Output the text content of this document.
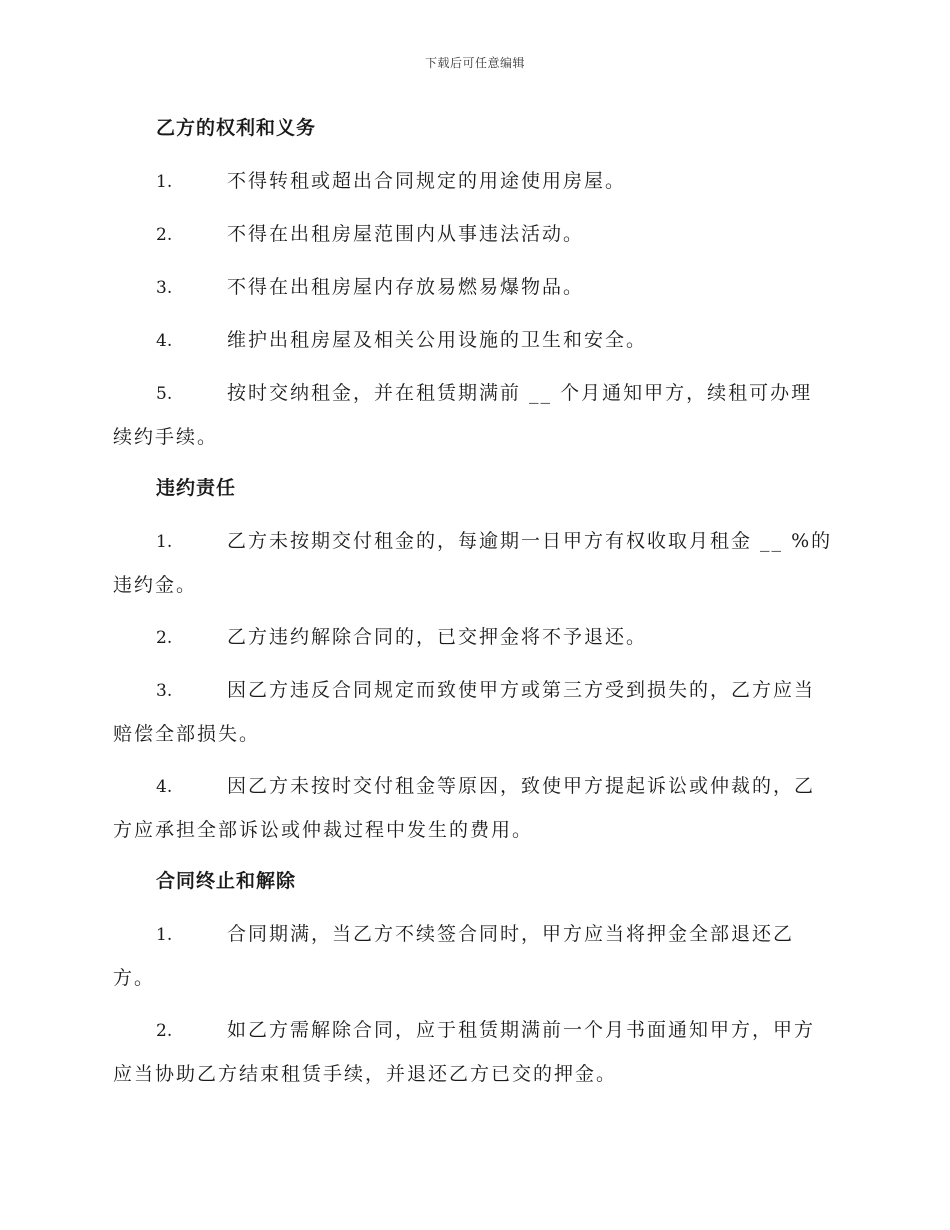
下载后可任意编辑
乙方的权利和义务

1.	不得转租或超出合同规定的用途使用房屋。

2.	不得在出租房屋范围内从事违法活动。

3.	不得在出租房屋内存放易燃易爆物品。

4.	维护出租房屋及相关公用设施的卫生和安全。

5.	按时交纳租金，并在租赁期满前 __ 个月通知甲方，续租可办理续约手续。

违约责任

1.	乙方未按期交付租金的，每逾期一日甲方有权收取月租金 __ %的违约金。

2.	乙方违约解除合同的，已交押金将不予退还。

3.	因乙方违反合同规定而致使甲方或第三方受到损失的，乙方应当赔偿全部损失。

4.	因乙方未按时交付租金等原因，致使甲方提起诉讼或仲裁的，乙方应承担全部诉讼或仲裁过程中发生的费用。

合同终止和解除

1.	合同期满，当乙方不续签合同时，甲方应当将押金全部退还乙方。

2.	如乙方需解除合同，应于租赁期满前一个月书面通知甲方，甲方应当协助乙方结束租赁手续，并退还乙方已交的押金。
